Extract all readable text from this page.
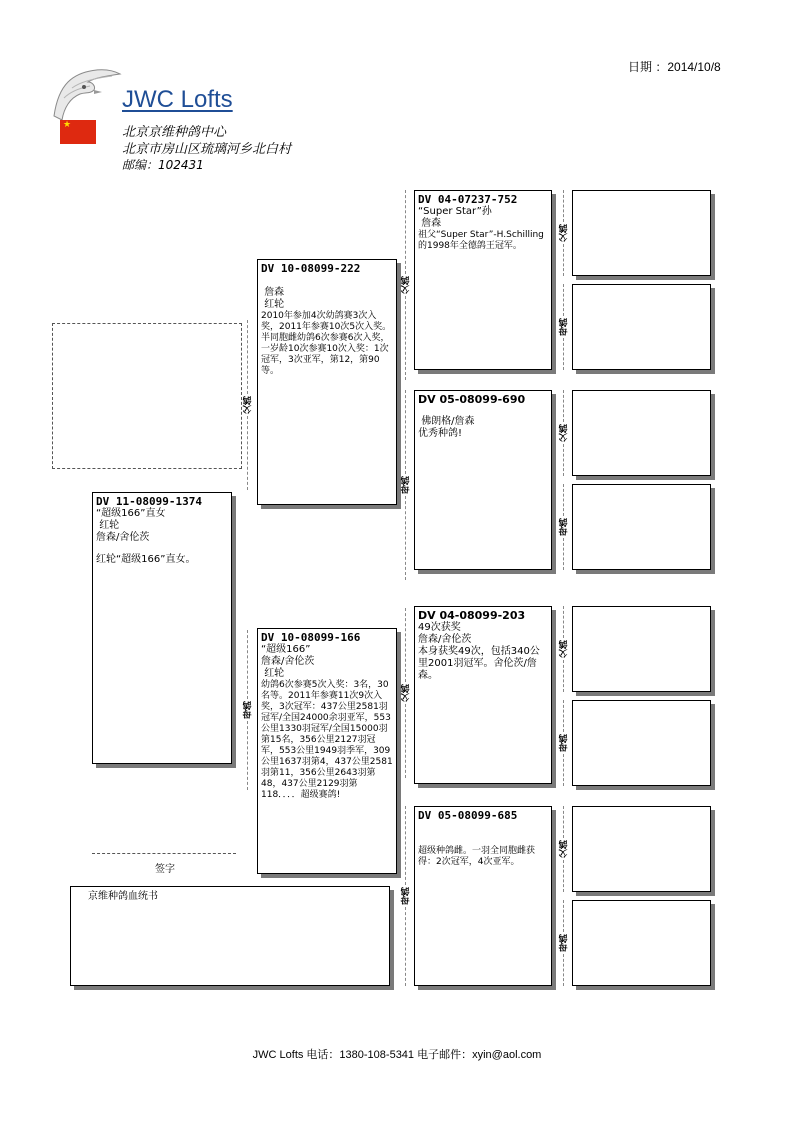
日期 ：2014/10/8
JWC Lofts
★	北京京维种鸽中心
北京市房山区琉璃河乡北白村
邮编：102431
DV 11-08099-1374
“超级166”直女
红轮
詹森/舍伦茨
红轮“超级166”直女。
父鸽
母鸽
DV 10-08099-222
詹森
红轮
2010年参加4次幼鸽赛3次入奖，2011年参赛10次5次入奖。半同胞雌幼鸽6次参赛6次入奖，一岁龄10次参赛10次入奖：1次冠军，3次亚军，第12，第90等。
DV 10-08099-166
“超级166”
詹森/舍伦茨
红轮
幼鸽6次参赛5次入奖：3名，30名等。2011年参赛11次9次入奖，3次冠军：437公里2581羽冠军/全国24000余羽亚军，553公里1330羽冠军/全国15000羽第15名，356公里2127羽冠军，553公里1949羽季军，309公里1637羽第4，437公里2581羽第11，356公里2643羽第48，437公里2129羽第118．．．．超级赛鸽!
父鸽
母鸽
父鸽
母鸽
DV 04-07237-752
“Super Star”孙
詹森
祖父“Super Star”-H.Schilling的1998年全德鸽王冠军。
DV 05-08099-690
佛朗格/詹森
优秀种鸽!
DV 04-08099-203
49次获奖
詹森/舍伦茨
本身获奖49次，包括340公里2001羽冠军。舍伦茨/詹森。
DV 05-08099-685
超级种鸽雌。一羽全同胞雌获得：2次冠军，4次亚军。
父鸽
母鸽
父鸽
母鸽
父鸽
母鸽
父鸽
母鸽
签字
京维种鸽血统书
JWC Lofts 电话：1380-108-5341 电子邮件：xyin@aol.com
